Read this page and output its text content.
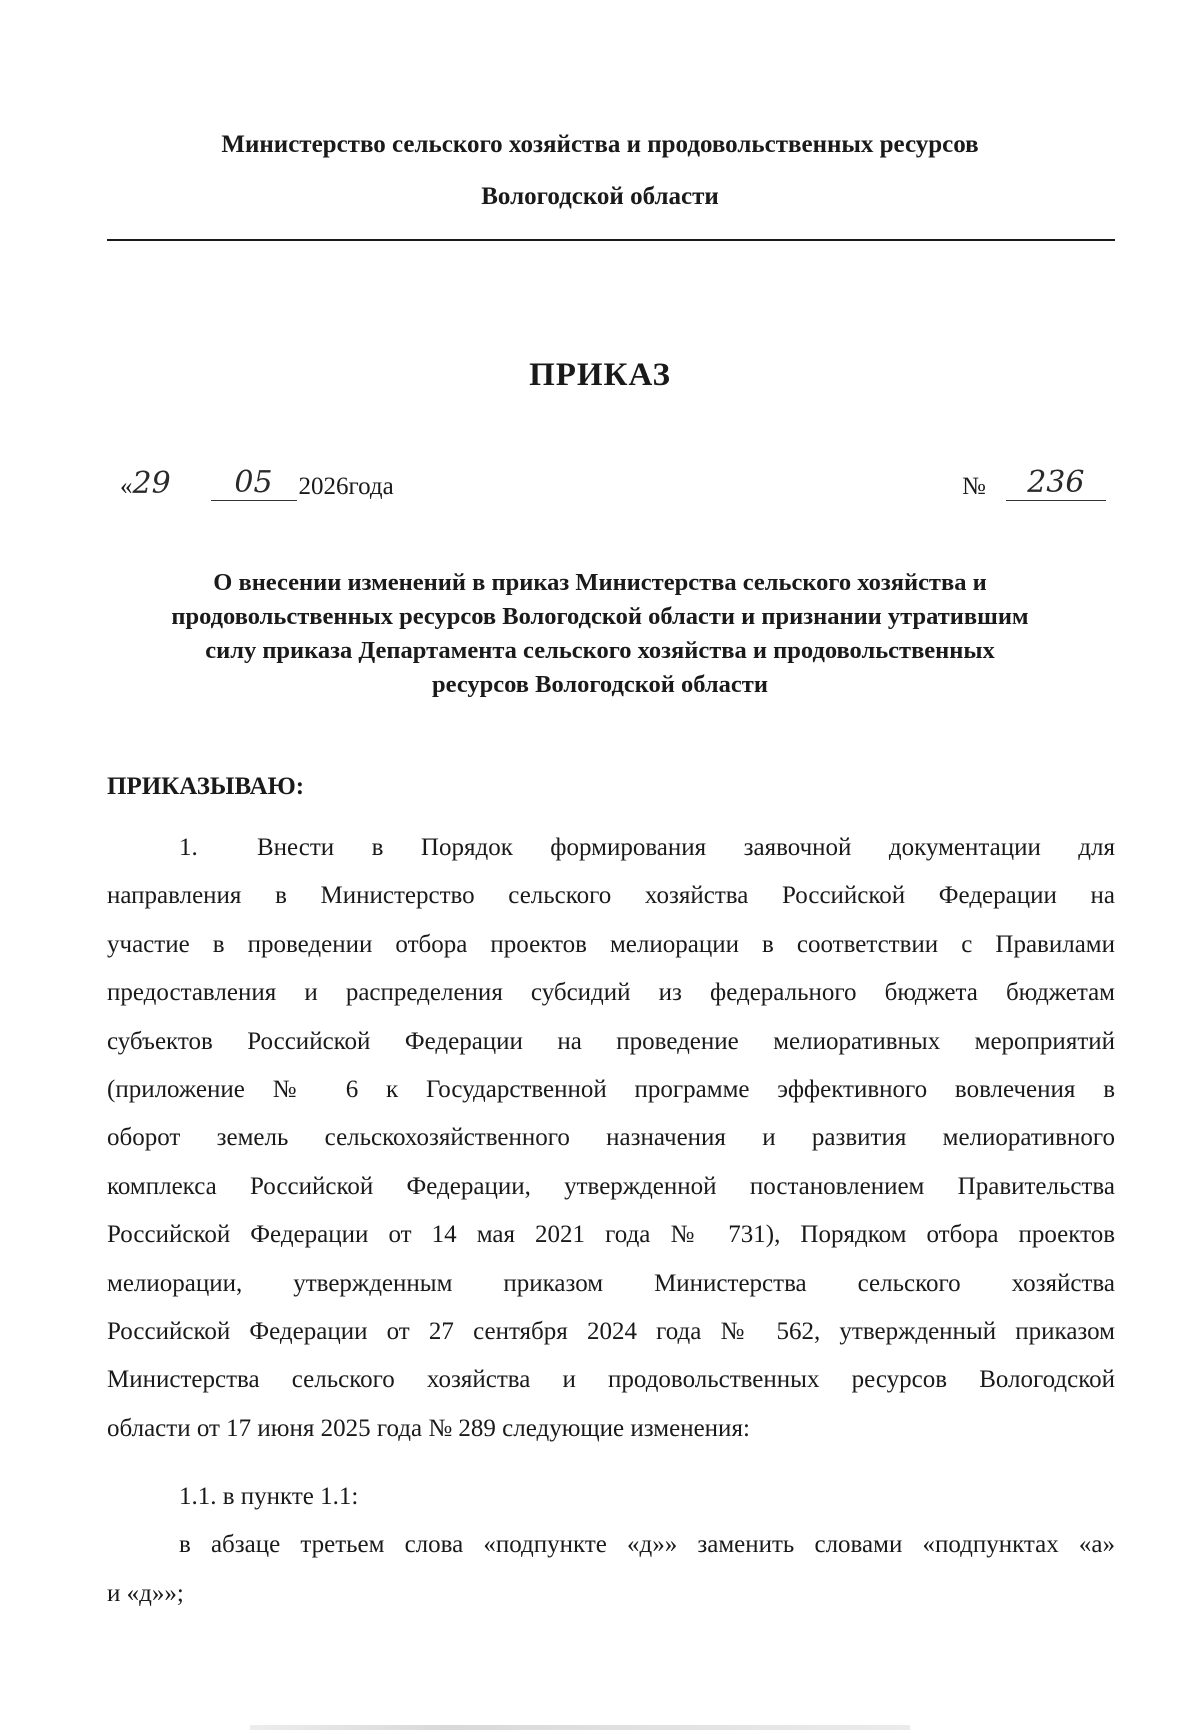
Министерство сельского хозяйства и продовольственных ресурсов
Вологодской области
ПРИКАЗ
« 29	05	2026 года	№	236
О внесении изменений в приказ Министерства сельского хозяйства и
продовольственных ресурсов Вологодской области и признании утратившим
силу приказа Департамента сельского хозяйства и продовольственных
ресурсов Вологодской области
ПРИКАЗЫВАЮ:
1. Внести в Порядок формирования заявочной документации для
направления в Министерство сельского хозяйства Российской Федерации на
участие в проведении отбора проектов мелиорации в соответствии с Правилами
предоставления и распределения субсидий из федерального бюджета бюджетам
субъектов Российской Федерации на проведение мелиоративных мероприятий
(приложение № 6 к Государственной программе эффективного вовлечения в
оборот земель сельскохозяйственного назначения и развития мелиоративного
комплекса Российской Федерации, утвержденной постановлением Правительства
Российской Федерации от 14 мая 2021 года № 731), Порядком отбора проектов
мелиорации, утвержденным приказом Министерства сельского хозяйства
Российской Федерации от 27 сентября 2024 года № 562, утвержденный приказом
Министерства сельского хозяйства и продовольственных ресурсов Вологодской
области от 17 июня 2025 года № 289 следующие изменения:
1.1. в пункте 1.1:
в абзаце третьем слова «подпункте «д»» заменить словами «подпунктах «а»
и «д»»;
